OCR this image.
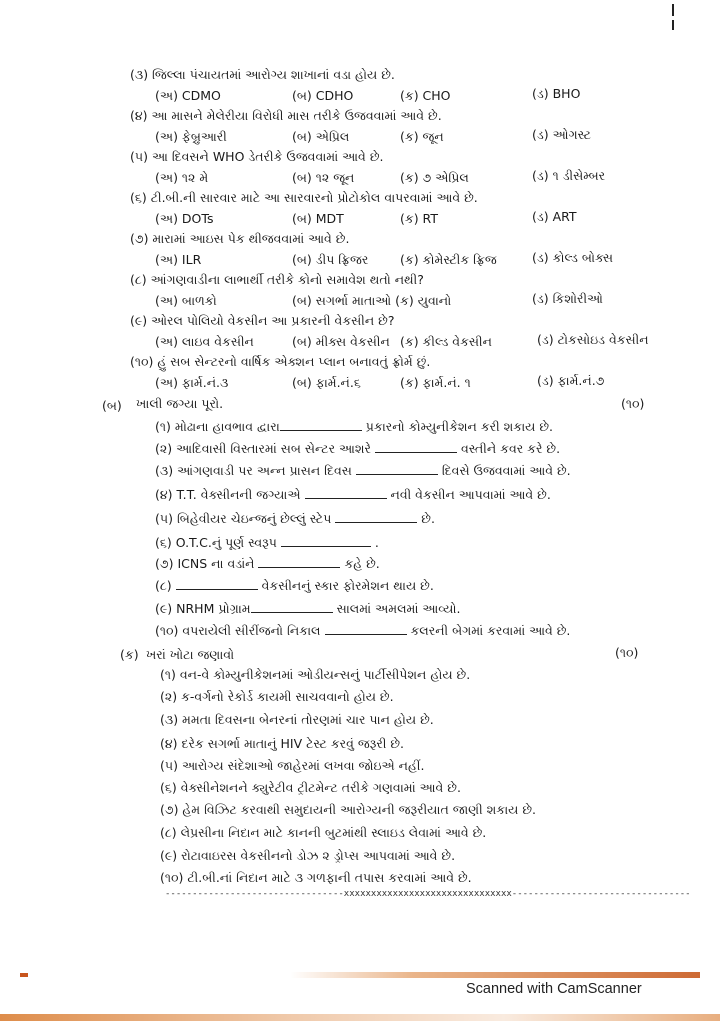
(૩) જિલ્લા પંચાયતમાં આરોગ્ય શાખાનાં વડા હોય છે.
(અ) CDMO	(બ) CDHO	(ક) CHO	(ડ) BHO
(૪) આ માસને મેલેરીયા વિરોધી માસ તરીકે ઉજવવામાં આવે છે.
(અ) ફેબ્રુઆરી	(બ) એપ્રિલ	(ક) જૂન	(ડ) ઓગસ્ટ
(૫) આ દિવસને WHO ડેતરીકે ઉજવવામાં આવે છે.
(અ) ૧૨ મે	(બ) ૧૨ જૂન	(ક) ૭ એપ્રિલ	(ડ) ૧ ડીસેમ્બર
(૬) ટી.બી.ની સારવાર માટે આ સારવારનો પ્રોટોકોલ વાપરવામાં આવે છે.
(અ) DOTs	(બ) MDT	(ક) RT	(ડ) ART
(૭) મારામાં આઇસ પેક થીજવવામાં આવે છે.
(અ) ILR	(બ) ડીપ ફ્રિજર	(ક) કોમેસ્ટીક ફ્રિજ	(ડ) કોલ્ડ બોક્સ
(૮) આંગણવાડીના લાભાર્થી તરીકે કોનો સમાવેશ થતો નથી?
(અ) બાળકો	(બ) સગર્ભા માતાઓ (ક) યુવાનો	(ડ) કિશોરીઓ
(૯) ઓરલ પોલિયો વેકસીન આ પ્રકારની વેકસીન છે?
(અ) લાઇવ વેકસીન	(બ) મીક્સ વેકસીન (ક) કીલ્ડ વેકસીન	(ડ) ટોકસોઇડ વેકસીન
(૧૦) હું સબ સેન્ટરનો વાર્ષિક એક્શન પ્લાન બનાવતું ફ્રોર્મ છું.
(અ) ફાર્મ.નં.૩	(બ) ફાર્મ.નં.૬	(ક) ફાર્મ.નં. ૧	(ડ) ફાર્મ.નં.૭
(બ) ખાલી જગ્યા પૂરો.	(૧૦)
(૧) મોઢાના હાવભાવ દ્વારા	પ્રકારનો કોમ્યુનીકેશન કરી શકાય છે.
(૨) આદિવાસી વિસ્તારમાં સબ સેન્ટર આશરે	વસ્તીને કવર કરે છે.
(૩) આંગણવાડી પર અન્ન પ્રાસન દિવસ	દિવસે ઉજવવામાં આવે છે.
(૪) T.T. વેક્સીનની જગ્યાએ	નવી વેકસીન આપવામાં આવે છે.
(૫) બિહેવીયર ચેઇન્જનું છેલ્લું સ્ટેપ	છે.
(૬) O.T.C.નું પૂર્ણ સ્વરૂપ	.
(૭) ICNS ના વડાંને	કહે છે.
(૮)	વેકસીનનું સ્કાર ફોરમેશન થાય છે.
(૯) NRHM પ્રોગ્રામ	સાલમાં અમલમાં આવ્યો.
(૧૦) વપરાયેલી સીરીંજનો નિકાલ	કલરની બેગમાં કરવામાં આવે છે.
(ક) ખરાં ખોટા જણાવો	(૧૦)
(૧) વન-વે કોમ્યુનીકેશનમાં ઓડીયન્સનું પાર્ટીસીપેશન હોય છે.
(૨) ક-વર્ગનો રેકોર્ડ કાયમી સાચવવાનો હોય છે.
(૩) મમતા દિવસના બેનરનાં તોરણમાં ચાર પાન હોય છે.
(૪) દરેક સગર્ભા માતાનું HIV ટેસ્ટ કરવું જરૂરી છે.
(૫) આરોગ્ય સંદેશાઓ જાહેરમાં લખવા જોઇએ નહીં.
(૬) વેક્સીનેશનને ક્યુરેટીવ ટ્રીટમેન્ટ તરીકે ગણવામાં આવે છે.
(૭) હેમ વિઝિટ કરવાથી સમુદાયની આરોગ્યની જરૂરીયાત જાણી શકાય છે.
(૮) લેપ્રસીના નિદાન માટે કાનની બુટમાંથી સ્લાઇડ લેવામાં આવે છે.
(૯) રોટાવાઇરસ વેકસીનનો ડોઝ ૨ ડ્રોપ્સ આપવામાં આવે છે.
(૧૦) ટી.બી.નાં નિદાન માટે ૩ ગળફાની તપાસ કરવામાં આવે છે.
---------------------------------xxxxxxxxxxxxxxxxxxxxxxxxxxxxxxx---------------------------------
Scanned with CamScanner
